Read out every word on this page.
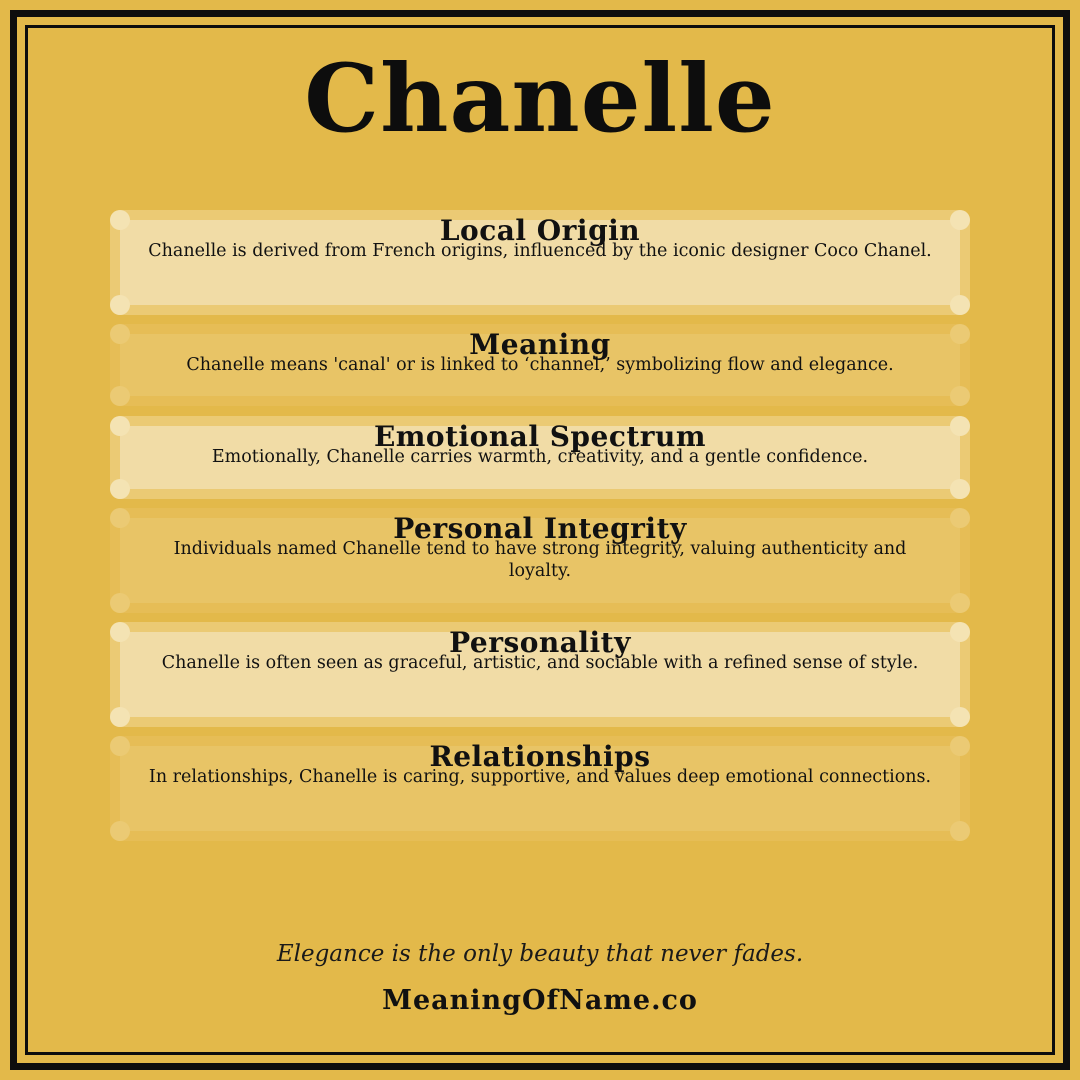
Chanelle
Local Origin

Chanelle is derived from French origins, influenced by the iconic designer Coco Chanel.

Meaning

Chanelle means 'canal' or is linked to ‘channel,’ symbolizing flow and elegance.

Emotional Spectrum

Emotionally, Chanelle carries warmth, creativity, and a gentle confidence.

Personal Integrity

Individuals named Chanelle tend to have strong integrity, valuing authenticity and loyalty.

Personality

Chanelle is often seen as graceful, artistic, and sociable with a refined sense of style.

Relationships

In relationships, Chanelle is caring, supportive, and values deep emotional connections.

Elegance is the only beauty that never fades.
MeaningOfName.co
